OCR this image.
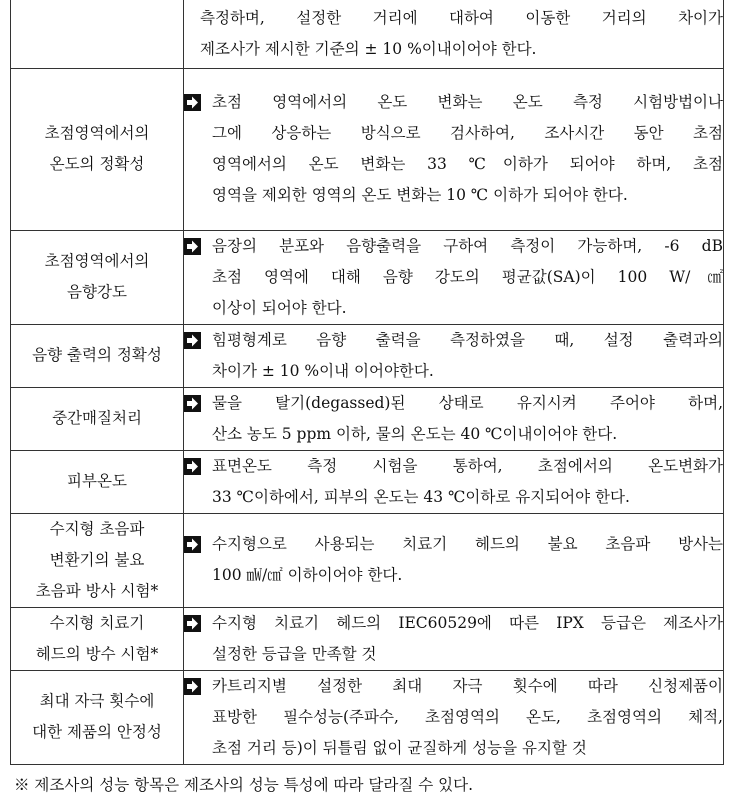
	측정하며, 설정한 거리에 대하여 이동한 거리의 차이가
제조사가 제시한 기준의 ± 10 %이내이어야 한다.

초점영역에서의
온도의 정확성	초점 영역에서의 온도 변화는 온도 측정 시험방법이나
그에 상응하는 방식으로 검사하여, 조사시간 동안 초점
영역에서의 온도 변화는 33 ℃이하가 되어야 하며, 초점
영역을 제외한 영역의 온도 변화는 10 ℃ 이하가 되어야 한다.

초점영역에서의
음향강도	음장의 분포와 음향출력을 구하여 측정이 가능하며, -6 dB
초점 영역에 대해 음향 강도의 평균값(SA)이 100 W/㎠
이상이 되어야 한다.

음향 출력의 정확성	힘평형계로 음향 출력을 측정하였을 때, 설정 출력과의
차이가 ± 10 %이내 이어야한다.

중간매질처리	물을 탈기(degassed)된 상태로 유지시켜 주어야 하며,
산소 농도 5 ppm 이하, 물의 온도는 40 ℃이내이어야 한다.

피부온도	표면온도 측정 시험을 통하여, 초점에서의 온도변화가
33 ℃이하에서, 피부의 온도는 43 ℃이하로 유지되어야 한다.

수지형 초음파
변환기의 불요
초음파 방사 시험*	수지형으로 사용되는 치료기 헤드의 불요 초음파 방사는
100 ㎽/㎠ 이하이어야 한다.

수지형 치료기
헤드의 방수 시험*	수지형 치료기 헤드의 IEC60529에 따른 IPX 등급은 제조사가
설정한 등급을 만족할 것

최대 자극 횟수에
대한 제품의 안정성	카트리지별 설정한 최대 자극 횟수에 따라 신청제품이
표방한 필수성능(주파수, 초점영역의 온도, 초점영역의 체적,
초점 거리 등)이 뒤틀림 없이 균질하게 성능을 유지할 것
※ 제조사의 성능 항목은 제조사의 성능 특성에 따라 달라질 수 있다.
